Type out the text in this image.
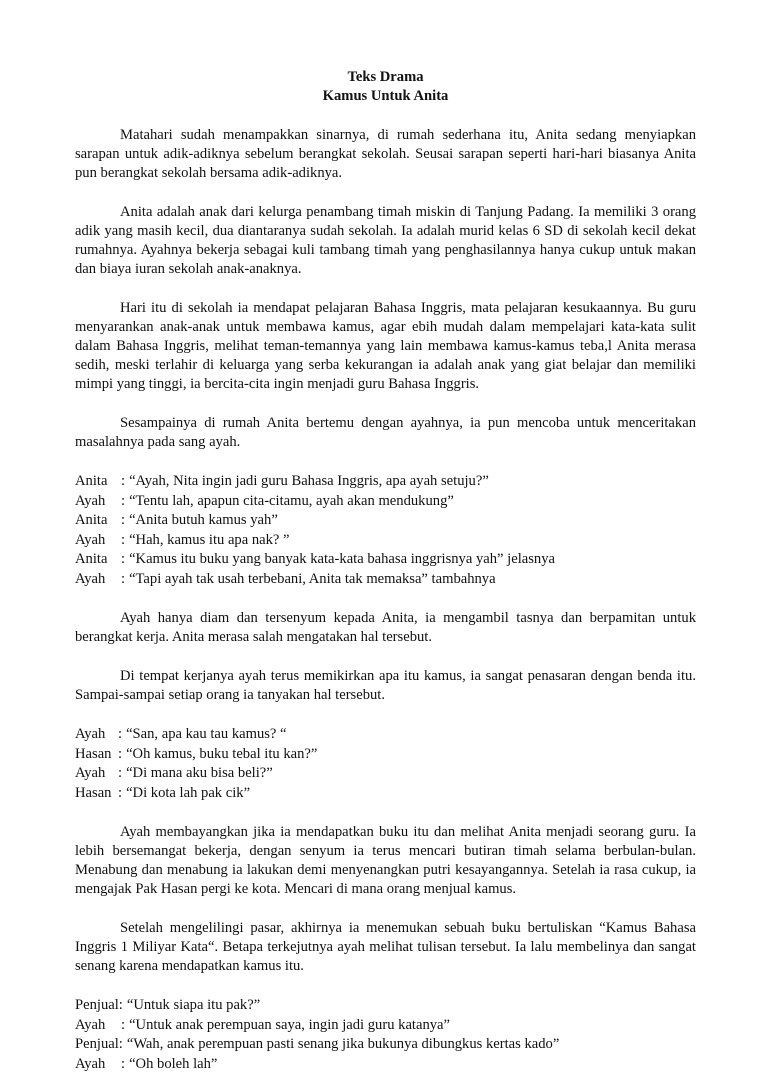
Teks Drama

Kamus Untuk Anita

Matahari sudah menampakkan sinarnya, di rumah sederhana itu, Anita sedang menyiapkan sarapan untuk adik-adiknya sebelum berangkat sekolah. Seusai sarapan seperti hari-hari biasanya Anita pun berangkat sekolah bersama adik-adiknya.

Anita adalah anak dari kelurga penambang timah miskin di Tanjung Padang. Ia memiliki 3 orang adik yang masih kecil, dua diantaranya sudah sekolah. Ia adalah murid kelas 6 SD di sekolah kecil dekat rumahnya. Ayahnya bekerja sebagai kuli tambang timah yang penghasilannya hanya cukup untuk makan dan biaya iuran sekolah anak-anaknya.

Hari itu di sekolah ia mendapat pelajaran Bahasa Inggris, mata pelajaran kesukaannya. Bu guru menyarankan anak-anak untuk membawa kamus, agar ebih mudah dalam mempelajari kata-kata sulit dalam Bahasa Inggris, melihat teman-temannya yang lain membawa kamus-kamus teba,l Anita merasa sedih, meski terlahir di keluarga yang serba kekurangan ia adalah anak yang giat belajar dan memiliki mimpi yang tinggi, ia bercita-cita ingin menjadi guru Bahasa Inggris.

Sesampainya di rumah Anita bertemu dengan ayahnya, ia pun mencoba untuk menceritakan masalahnya pada sang ayah.

Anita : “Ayah, Nita ingin jadi guru Bahasa Inggris, apa ayah setuju?”
Ayah	: “Tentu lah, apapun cita-citamu, ayah akan mendukung”
Anita : “Anita butuh kamus yah”
Ayah	: “Hah, kamus itu apa nak? ”
Anita : “Kamus itu buku yang banyak kata-kata bahasa inggrisnya yah” jelasnya
Ayah	: “Tapi ayah tak usah terbebani, Anita tak memaksa” tambahnya

Ayah hanya diam dan tersenyum kepada Anita, ia mengambil tasnya dan berpamitan untuk berangkat kerja. Anita merasa salah mengatakan hal tersebut.

Di tempat kerjanya ayah terus memikirkan apa itu kamus, ia sangat penasaran dengan benda itu. Sampai-sampai setiap orang ia tanyakan hal tersebut.

Ayah : “San, apa kau tau kamus? “
Hasan : “Oh kamus, buku tebal itu kan?”
Ayah : “Di mana aku bisa beli?”
Hasan : “Di kota lah pak cik”

Ayah membayangkan jika ia mendapatkan buku itu dan melihat Anita menjadi seorang guru. Ia lebih bersemangat bekerja, dengan senyum ia terus mencari butiran timah selama berbulan-bulan. Menabung dan menabung ia lakukan demi menyenangkan putri kesayangannya. Setelah ia rasa cukup, ia mengajak Pak Hasan pergi ke kota. Mencari di mana orang menjual kamus.

Setelah mengelilingi pasar, akhirnya ia menemukan sebuah buku bertuliskan “Kamus Bahasa Inggris 1 Miliyar Kata“. Betapa terkejutnya ayah melihat tulisan tersebut. Ia lalu membelinya dan sangat senang karena mendapatkan kamus itu.

Penjual : “Untuk siapa itu pak?”
Ayah	: “Untuk anak perempuan saya, ingin jadi guru katanya”
Penjual : “Wah, anak perempuan pasti senang jika bukunya dibungkus kertas kado”
Ayah	: “Oh boleh lah”
